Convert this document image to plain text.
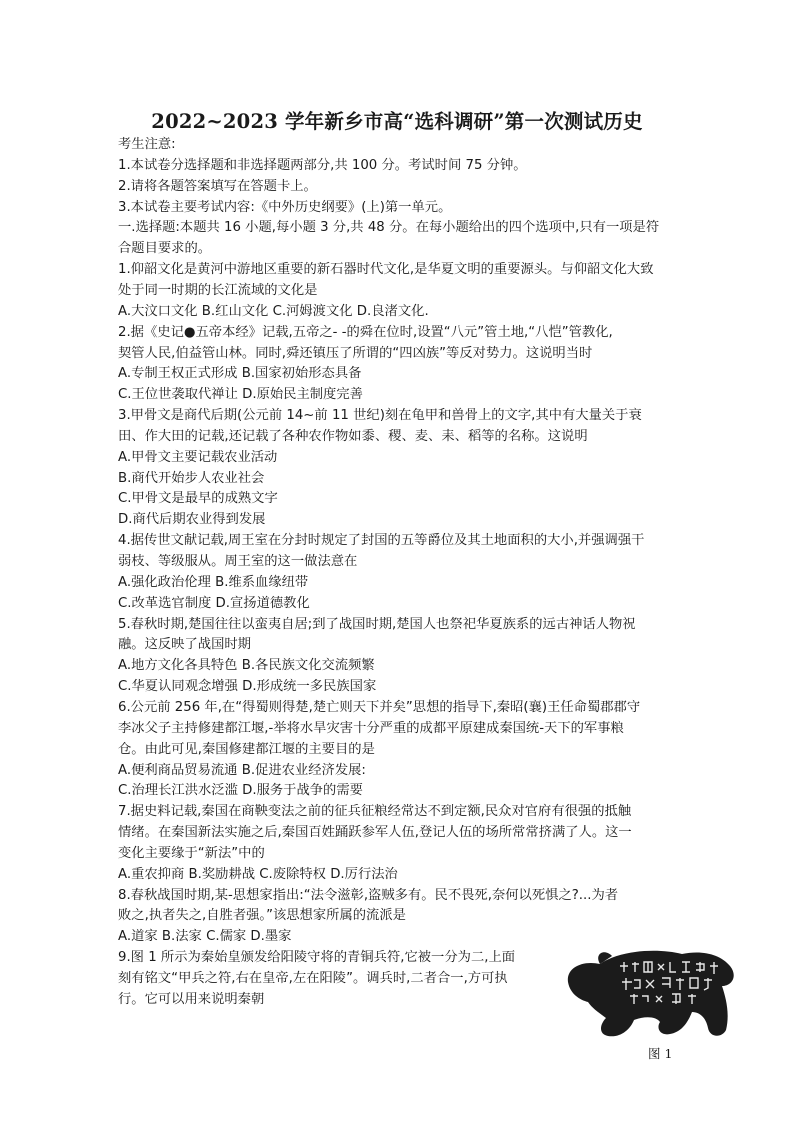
2022~2023 学年新乡市高“选科调研”第一次测试历史
考生注意:
1.本试卷分选择题和非选择题两部分,共 100 分。考试时间 75 分钟。
2.请将各题答案填写在答题卡上。
3.本试卷主要考试内容:《中外历史纲要》(上)第一单元。
一.选择题:本题共 16 小题,每小题 3 分,共 48 分。在每小题给出的四个选项中,只有一项是符
合题目要求的。
1.仰韶文化是黄河中游地区重要的新石器时代文化,是华夏文明的重要源头。与仰韶文化大致
处于同一时期的长江流域的文化是
A.大汶口文化 B.红山文化 C.河姆渡文化 D.良渚文化.
2.据《史记●五帝本经》记载,五帝之- -的舜在位时,设置“八元”管土地,“八恺”管教化,
契管人民,伯益管山林。同时,舜还镇压了所谓的“四凶族”等反对势力。这说明当时
A.专制王权正式形成 B.国家初始形态具备
C.王位世袭取代禅让 D.原始民主制度完善
3.甲骨文是商代后期(公元前 14~前 11 世纪)刻在龟甲和兽骨上的文字,其中有大量关于衰
田、作大田的记载,还记载了各种农作物如黍、稷、麦、耒、稻等的名称。这说明
A.甲骨文主要记载农业活动
B.商代开始步人农业社会
C.甲骨文是最早的成熟文字
D.商代后期农业得到发展
4.据传世文献记载,周王室在分封时规定了封国的五等爵位及其土地面积的大小,并强调强干
弱枝、等级服从。周王室的这一做法意在
A.强化政治伦理 B.维系血缘纽带
C.改革选官制度 D.宣扬道德教化
5.春秋时期,楚国往往以蛮夷自居;到了战国时期,楚国人也祭祀华夏族系的远古神话人物祝
融。这反映了战国时期
A.地方文化各具特色 B.各民族文化交流频繁
C.华夏认同观念增强 D.形成统一多民族国家
6.公元前 256 年,在“得蜀则得楚,楚亡则天下并矣”思想的指导下,秦昭(襄)王任命蜀郡郡守
李冰父子主持修建都江堰,-举将水旱灾害十分严重的成都平原建成秦国统-天下的军事粮
仓。由此可见,秦国修建都江堰的主要目的是
A.便利商品贸易流通 B.促进农业经济发展:
C.治理长江洪水泛滥 D.服务于战争的需要
7.据史料记载,秦国在商鞅变法之前的征兵征粮经常达不到定额,民众对官府有很强的抵触
情绪。在秦国新法实施之后,秦国百姓踊跃参军人伍,登记人伍的场所常常挤满了人。这一
变化主要缘于“新法”中的
A.重农抑商 B.奖励耕战 C.废除特权 D.厉行法治
8.春秋战国时期,某-思想家指出:“法令滋彰,盗贼多有。民不畏死,奈何以死惧之?...为者
败之,执者失之,自胜者强。”该思想家所属的流派是
A.道家 B.法家 C.儒家 D.墨家
9.图 1 所示为秦始皇颁发给阳陵守将的青铜兵符,它被一分为二,上面
刻有铭文“甲兵之符,右在皇帝,左在阳陵”。调兵时,二者合一,方可执
行。它可以用来说明秦朝
图 1
